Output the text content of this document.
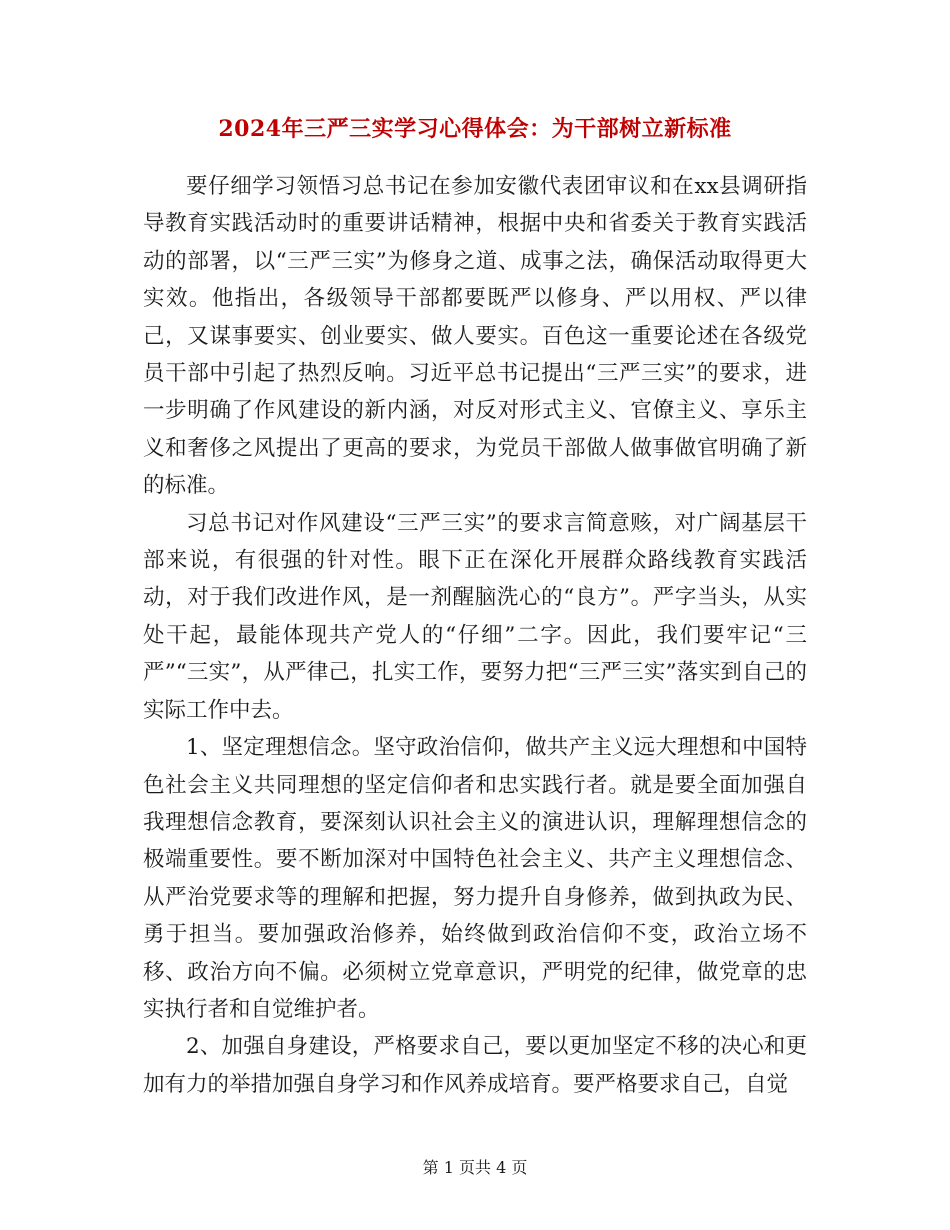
2024年三严三实学习心得体会：为干部树立新标准

要仔细学习领悟习总书记在参加安徽代表团审议和在xx县调研指导教育实践活动时的重要讲话精神，根据中央和省委关于教育实践活动的部署，以“三严三实”为修身之道、成事之法，确保活动取得更大实效。他指出，各级领导干部都要既严以修身、严以用权、严以律己，又谋事要实、创业要实、做人要实。百色这一重要论述在各级党员干部中引起了热烈反响。习近平总书记提出“三严三实”的要求，进一步明确了作风建设的新内涵，对反对形式主义、官僚主义、享乐主义和奢侈之风提出了更高的要求，为党员干部做人做事做官明确了新的标准。

习总书记对作风建设“三严三实”的要求言简意赅，对广阔基层干部来说，有很强的针对性。眼下正在深化开展群众路线教育实践活动，对于我们改进作风，是一剂醒脑洗心的“良方”。严字当头，从实处干起，最能体现共产党人的“仔细”二字。因此，我们要牢记“三严”“三实”，从严律己，扎实工作，要努力把“三严三实”落实到自己的实际工作中去。

1、坚定理想信念。坚守政治信仰，做共产主义远大理想和中国特色社会主义共同理想的坚定信仰者和忠实践行者。就是要全面加强自我理想信念教育，要深刻认识社会主义的演进认识，理解理想信念的极端重要性。要不断加深对中国特色社会主义、共产主义理想信念、从严治党要求等的理解和把握，努力提升自身修养，做到执政为民、勇于担当。要加强政治修养，始终做到政治信仰不变，政治立场不移、政治方向不偏。必须树立党章意识，严明党的纪律，做党章的忠实执行者和自觉维护者。

2、加强自身建设，严格要求自己，要以更加坚定不移的决心和更加有力的举措加强自身学习和作风养成培育。要严格要求自己，自觉

第 1 页共 4 页
